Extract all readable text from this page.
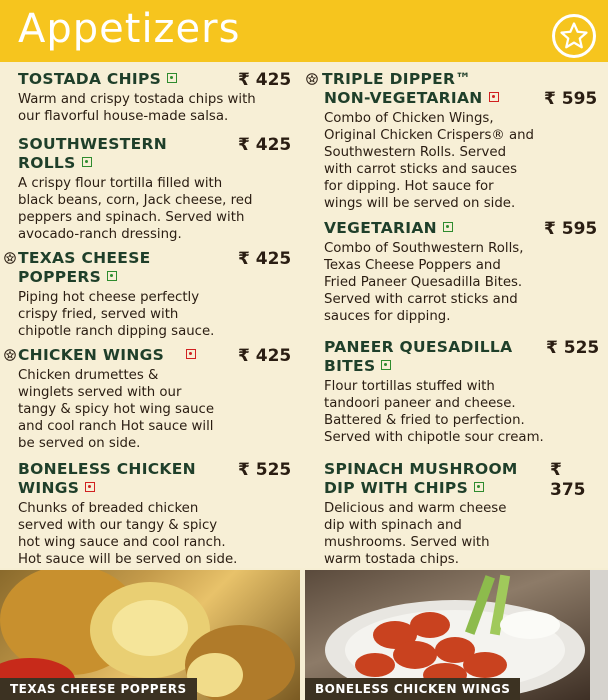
Appetizers
TOSTADA CHIPS	₹ 425
Warm and crispy tostada chips with
our flavorful house-made salsa.
SOUTHWESTERN
ROLLS
₹ 425
A crispy flour tortilla filled with
black beans, corn, Jack cheese, red
peppers and spinach. Served with
avocado-ranch dressing.
TEXAS CHEESE
POPPERS
₹ 425
Piping hot cheese perfectly
crispy fried, served with
chipotle ranch dipping sauce.
CHICKEN WINGS	₹ 425
Chicken drumettes &
winglets served with our
tangy & spicy hot wing sauce
and cool ranch Hot sauce will
be served on side.
BONELESS CHICKEN
WINGS
₹ 525
Chunks of breaded chicken
served with our tangy & spicy
hot wing sauce and cool ranch.
Hot sauce will be served on side.
TRIPLE DIPPER™
NON-VEGETARIAN	₹ 595
Combo of Chicken Wings,
Original Chicken Crispers® and
Southwestern Rolls. Served
with carrot sticks and sauces
for dipping. Hot sauce for
wings will be served on side.
VEGETARIAN	₹ 595
Combo of Southwestern Rolls,
Texas Cheese Poppers and
Fried Paneer Quesadilla Bites.
Served with carrot sticks and
sauces for dipping.
PANEER QUESADILLA
BITES
₹ 525
Flour tortillas stuffed with
tandoori paneer and cheese.
Battered & fried to perfection.
Served with chipotle sour cream.
SPINACH MUSHROOM
DIP WITH CHIPS
₹ 375
Delicious and warm cheese
dip with spinach and
mushrooms. Served with
warm tostada chips.
TEXAS CHEESE POPPERS	BONELESS CHICKEN WINGS
